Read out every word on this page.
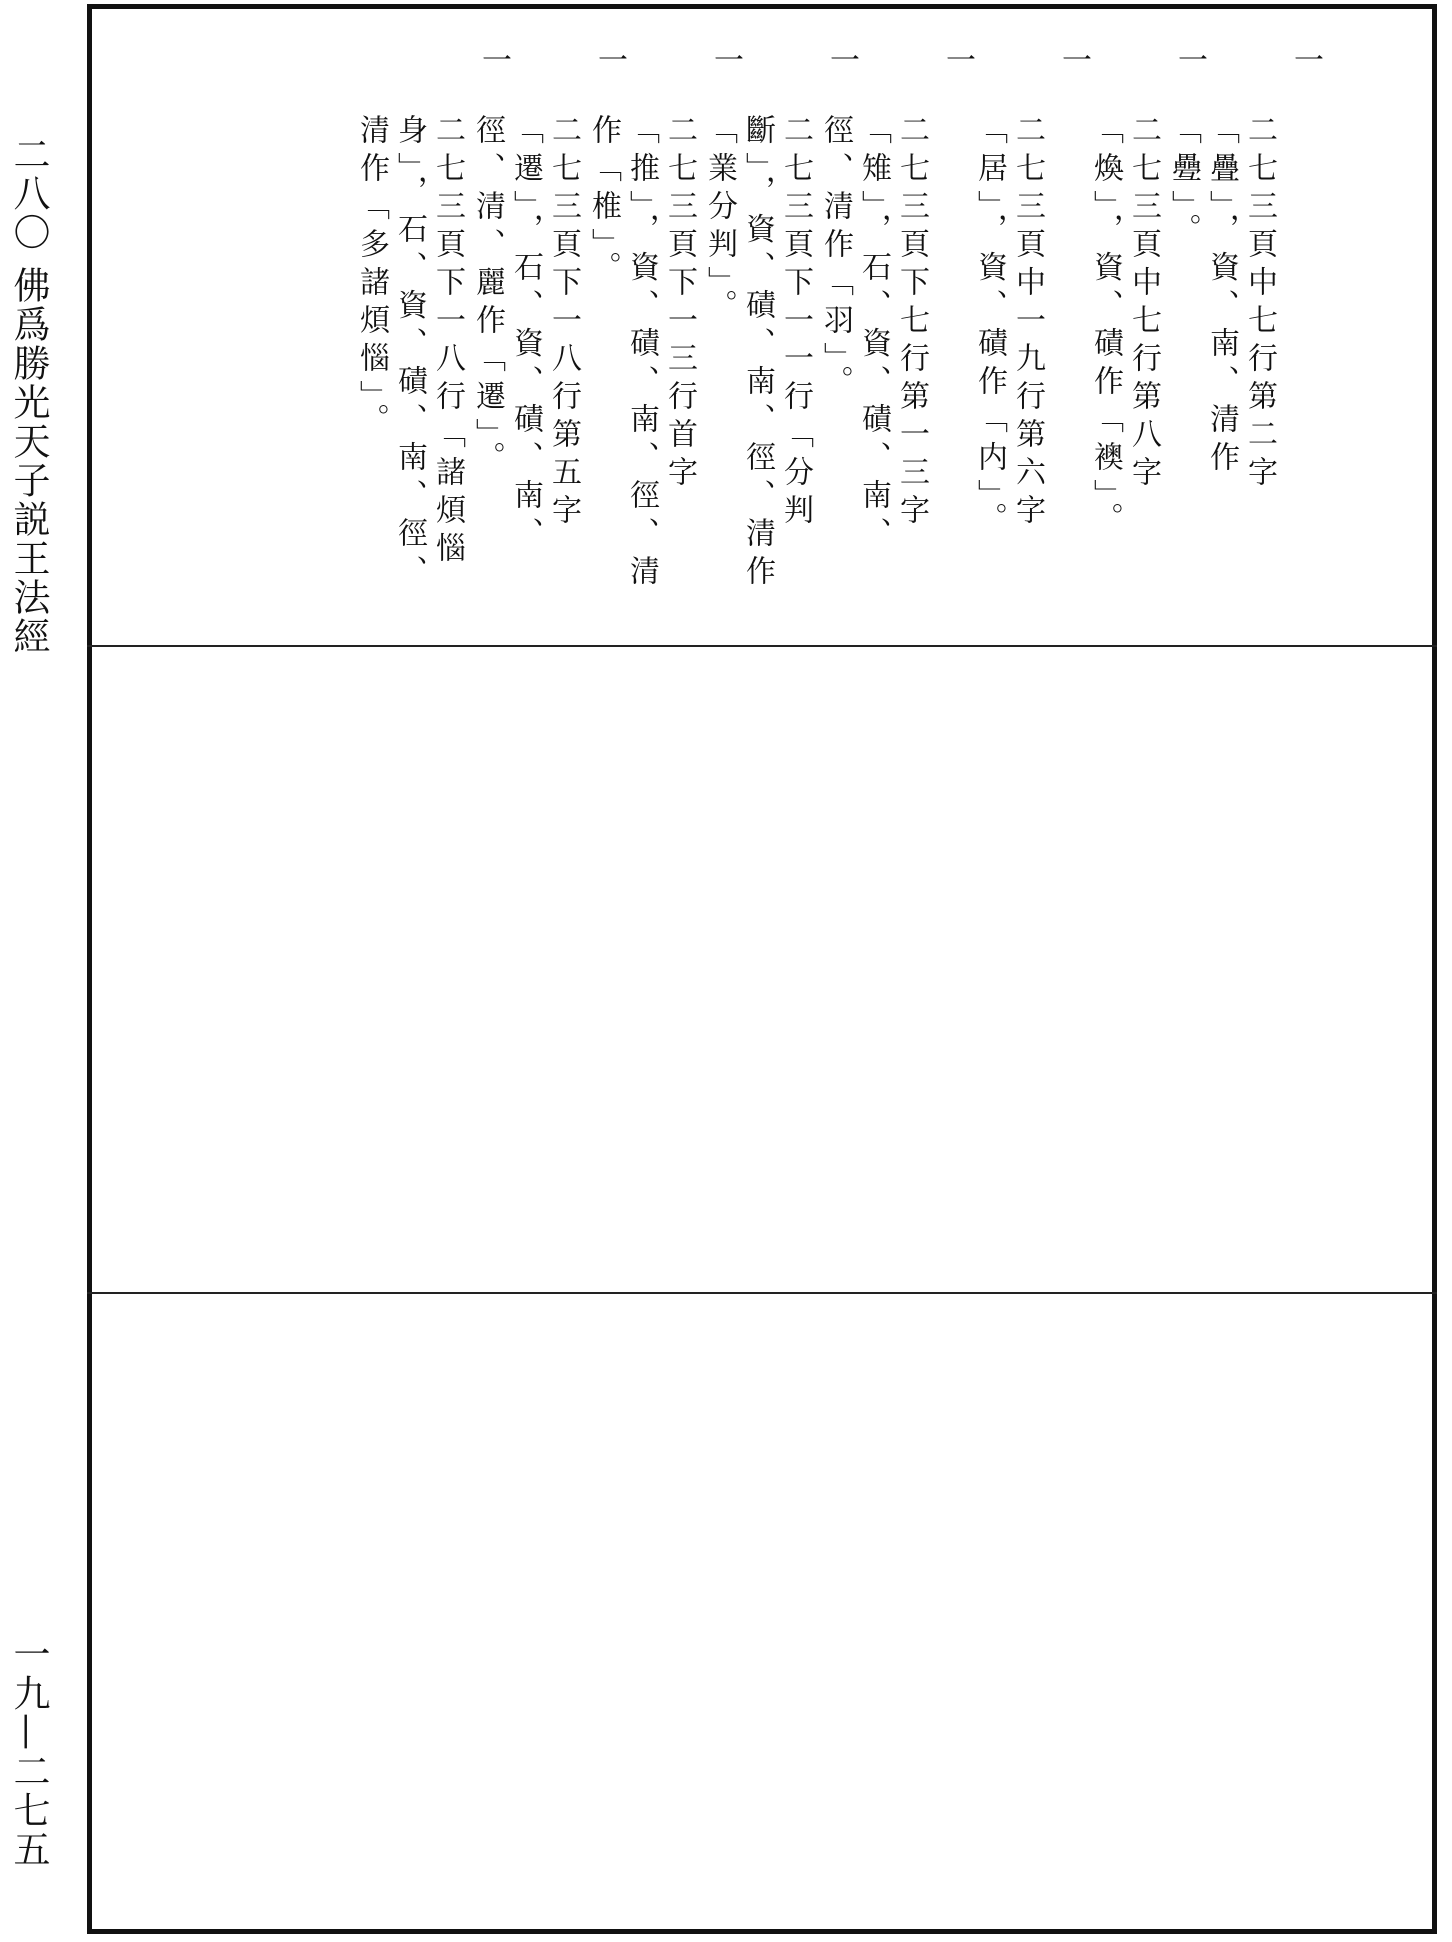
二八〇 佛爲勝光天子説王法經
一九—二七五
一
二七三頁中七行第二字「疊」，資、南、清作「疉」。
一
二七三頁中七行第八字「煥」，資、磧作「襖」。
一
二七三頁中一九行第六字「居」，資、磧作「内」。
一
二七三頁下七行第一三字「雉」，石、資、磧、南、徑、清作「羽」。
一
二七三頁下一一行「分判斷」，資、磧、南、徑、清作「業分判」。
一
二七三頁下一三行首字「推」，資、磧、南、徑、清作「椎」。
一
二七三頁下一八行第五字「遷」，石、資、磧、南、徑、清、麗作「遷」。
一
二七三頁下一八行「諸煩惱身」，石、資、磧、南、徑、清作「多諸煩惱」。
